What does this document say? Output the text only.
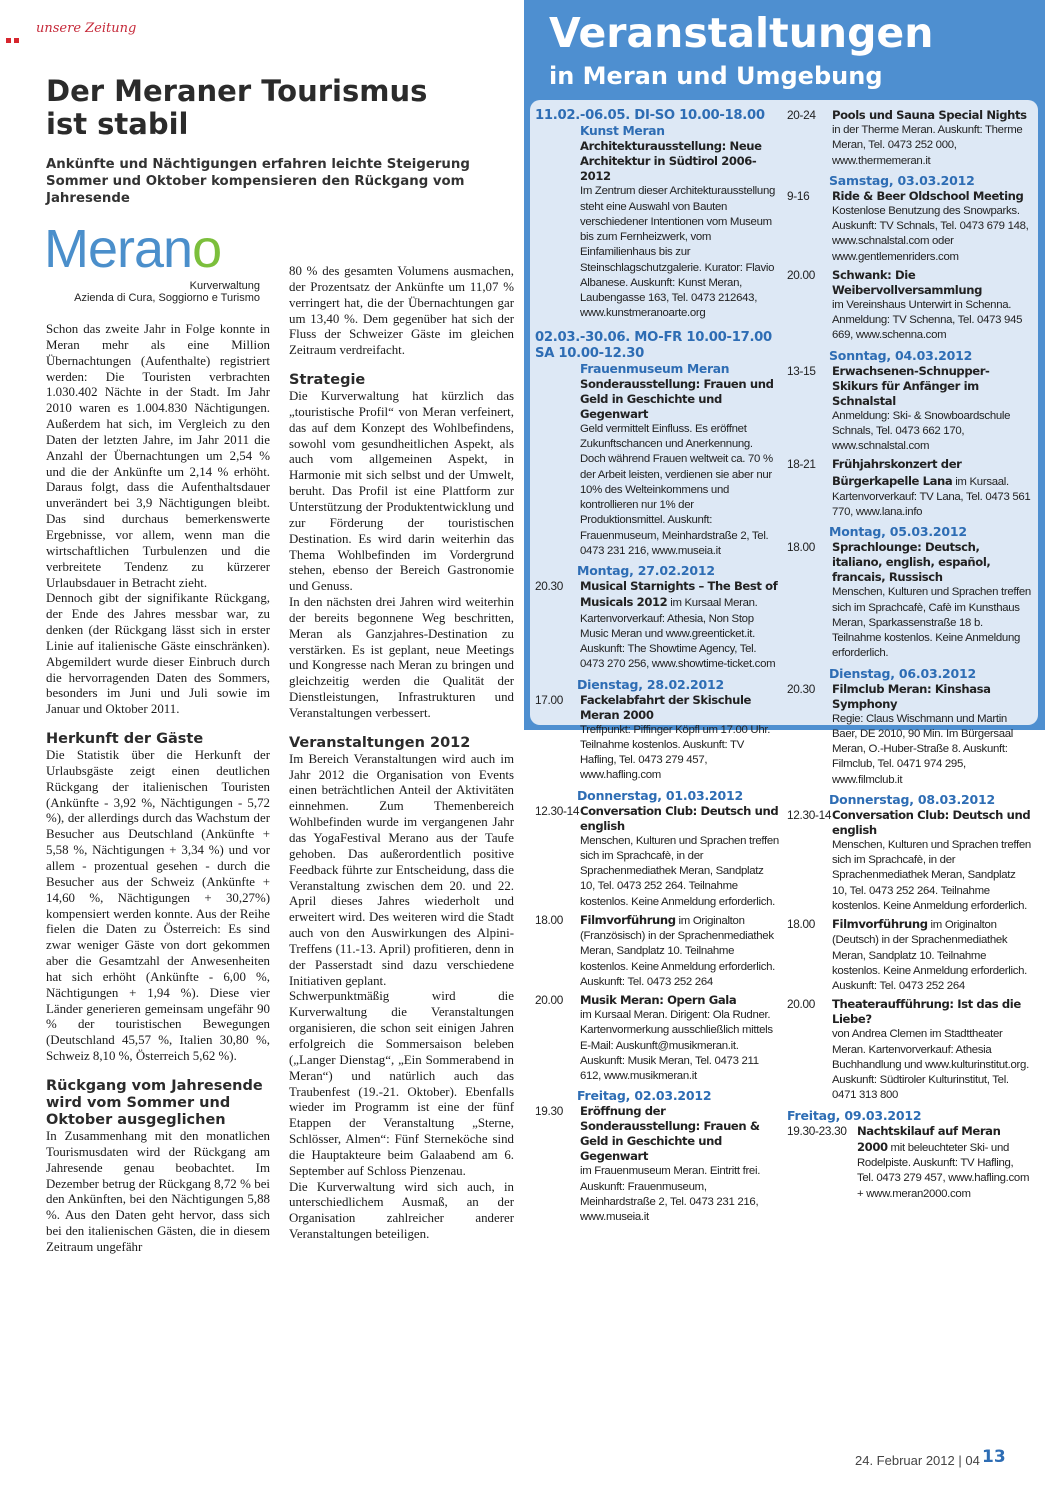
unsere Zeitung
Der Meraner Tourismus ist stabil
Ankünfte und Nächtigungen erfahren leichte Steigerung Sommer und Oktober kompensieren den Rückgang vom Jahresende
Merano
Kurverwaltung
Azienda di Cura, Soggiorno e Turismo

Schon das zweite Jahr in Folge konnte in Meran mehr als eine Million Übernachtungen (Aufenthalte) registriert werden: Die Touristen verbrachten 1.030.402 Nächte in der Stadt. Im Jahr 2010 waren es 1.004.830 Nächtigungen. Außerdem hat sich, im Vergleich zu den Daten der letzten Jahre, im Jahr 2011 die Anzahl der Übernachtungen um 2,54 % und die der Ankünfte um 2,14 % erhöht. Daraus folgt, dass die Aufenthaltsdauer unverändert bei 3,9 Nächtigungen bleibt. Das sind durchaus bemerkenswerte Ergebnisse, vor allem, wenn man die wirtschaftlichen Turbulenzen und die verbreitete Tendenz zu kürzerer Urlaubsdauer in Betracht zieht.

Dennoch gibt der signifikante Rückgang, der Ende des Jahres messbar war, zu denken (der Rückgang lässt sich in erster Linie auf italienische Gäste einschränken). Abgemildert wurde dieser Einbruch durch die hervorragenden Daten des Sommers, besonders im Juni und Juli sowie im Januar und Oktober 2011.

Herkunft der Gäste

Die Statistik über die Herkunft der Urlaubsgäste zeigt einen deutlichen Rückgang der italienischen Touristen (Ankünfte - 3,92 %, Nächtigungen - 5,72 %), der allerdings durch das Wachstum der Besucher aus Deutschland (Ankünfte + 5,58 %, Nächtigungen + 3,34 %) und vor allem - prozentual gesehen - durch die Besucher aus der Schweiz (Ankünfte + 14,60 %, Nächtigungen + 30,27%) kompensiert werden konnte. Aus der Reihe fielen die Daten zu Österreich: Es sind zwar weniger Gäste von dort gekommen aber die Gesamtzahl der Anwesenheiten hat sich erhöht (Ankünfte - 6,00 %, Nächtigungen + 1,94 %). Diese vier Länder generieren gemeinsam ungefähr 90 % der touristischen Bewegungen (Deutschland 45,57 %, Italien 30,80 %, Schweiz 8,10 %, Österreich 5,62 %).

Rückgang vom Jahresende wird vom Sommer und Oktober ausgeglichen

In Zusammenhang mit den monatlichen Tourismusdaten wird der Rückgang am Jahresende genau beobachtet. Im Dezember betrug der Rückgang 8,72 % bei den Ankünften, bei den Nächtigungen 5,88 %. Aus den Daten geht hervor, dass sich bei den italienischen Gästen, die in diesem Zeitraum ungefähr

80 % des gesamten Volumens ausmachen, der Prozentsatz der Ankünfte um 11,07 % verringert hat, die der Übernachtungen gar um 13,40 %. Dem gegenüber hat sich der Fluss der Schweizer Gäste im gleichen Zeitraum verdreifacht.

Strategie

Die Kurverwaltung hat kürzlich das „touristische Profil“ von Meran verfeinert, das auf dem Konzept des Wohlbefindens, sowohl vom gesundheitlichen Aspekt, als auch vom allgemeinen Aspekt, in Harmonie mit sich selbst und der Umwelt, beruht. Das Profil ist eine Plattform zur Unterstützung der Produktentwicklung und zur Förderung der touristischen Destination. Es wird darin weiterhin das Thema Wohlbefinden im Vordergrund stehen, ebenso der Bereich Gastronomie und Genuss.

In den nächsten drei Jahren wird weiterhin der bereits begonnene Weg beschritten, Meran als Ganzjahres-Destination zu verstärken. Es ist geplant, neue Meetings und Kongresse nach Meran zu bringen und gleichzeitig werden die Qualität der Dienstleistungen, Infrastrukturen und Veranstaltungen verbessert.

Veranstaltungen 2012

Im Bereich Veranstaltungen wird auch im Jahr 2012 die Organisation von Events einen beträchtlichen Anteil der Aktivitäten einnehmen. Zum Themenbereich Wohlbefinden wurde im vergangenen Jahr das YogaFestival Merano aus der Taufe gehoben. Das außerordentlich positive Feedback führte zur Entscheidung, dass die Veranstaltung zwischen dem 20. und 22. April dieses Jahres wiederholt und erweitert wird. Des weiteren wird die Stadt auch von den Auswirkungen des Alpini-Treffens (11.-13. April) profitieren, denn in der Passerstadt sind dazu verschiedene Initiativen geplant.

Schwerpunktmäßig wird die Kurverwaltung die Veranstaltungen organisieren, die schon seit einigen Jahren erfolgreich die Sommersaison beleben („Langer Dienstag“, „Ein Sommerabend in Meran“) und natürlich auch das Traubenfest (19.-21. Oktober). Ebenfalls wieder im Programm ist eine der fünf Etappen der Veranstaltung „Sterne, Schlösser, Almen“: Fünf Sterneköche sind die Hauptakteure beim Galaabend am 6. September auf Schloss Pienzenau.

Die Kurverwaltung wird sich auch, in unterschiedlichem Ausmaß, an der Organisation zahlreicher anderer Veranstaltungen beteiligen.

Veranstaltungen
in Meran und Umgebung
11.02.-06.05. DI-SO 10.00-18.00
Kunst Meran
Architekturausstellung: Neue Architektur in Südtirol 2006-2012
Im Zentrum dieser Architekturausstellung steht eine Auswahl von Bauten verschiedener Intentionen vom Museum bis zum Fernheizwerk, vom Einfamilienhaus bis zur Steinschlagschutzgalerie. Kurator: Flavio Albanese. Auskunft: Kunst Meran, Laubengasse 163, Tel. 0473 212643, www.kunstmeranoarte.org
02.03.-30.06. MO-FR 10.00-17.00 SA 10.00-12.30
Frauenmuseum Meran
Sonderausstellung: Frauen und Geld in Geschichte und Gegenwart
Geld vermittelt Einfluss. Es eröffnet Zukunftschancen und Anerkennung. Doch während Frauen weltweit ca. 70 % der Arbeit leisten, verdienen sie aber nur 10% des Welteinkommens und kontrollieren nur 1% der Produktionsmittel. Auskunft: Frauenmuseum, Meinhardstraße 2, Tel. 0473 231 216, www.museia.it
Montag, 27.02.2012
20.30	Musical Starnights – The Best of Musicals 2012 im Kursaal Meran. Kartenvorverkauf: Athesia, Non Stop Music Meran und www.greenticket.it. Auskunft: The Showtime Agency, Tel. 0473 270 256, www.showtime-ticket.com
Dienstag, 28.02.2012
17.00	Fackelabfahrt der Skischule Meran 2000
Treffpunkt: Piffinger Köpfl um 17.00 Uhr. Teilnahme kostenlos. Auskunft: TV Hafling, Tel. 0473 279 457, www.hafling.com
Donnerstag, 01.03.2012
12.30-14 Conversation Club: Deutsch und english
Menschen, Kulturen und Sprachen treffen sich im Sprachcafè, in der Sprachenmediathek Meran, Sandplatz 10, Tel. 0473 252 264. Teilnahme kostenlos. Keine Anmeldung erforderlich.
18.00	Filmvorführung im Originalton (Französisch) in der Sprachenmediathek Meran, Sandplatz 10. Teilnahme kostenlos. Keine Anmeldung erforderlich. Auskunft: Tel. 0473 252 264
20.00	Musik Meran: Opern Gala
im Kursaal Meran. Dirigent: Ola Rudner. Kartenvormerkung ausschließlich mittels E-Mail: Auskunft@musikmeran.it. Auskunft: Musik Meran, Tel. 0473 211 612, www.musikmeran.it
Freitag, 02.03.2012
19.30	Eröffnung der Sonderausstellung: Frauen & Geld in Geschichte und Gegenwart
im Frauenmuseum Meran. Eintritt frei. Auskunft: Frauenmuseum, Meinhardstraße 2, Tel. 0473 231 216, www.museia.it
20-24	Pools und Sauna Special Nights
in der Therme Meran. Auskunft: Therme Meran, Tel. 0473 252 000, www.thermemeran.it
Samstag, 03.03.2012
9-16	Ride & Beer Oldschool Meeting
Kostenlose Benutzung des Snowparks. Auskunft: TV Schnals, Tel. 0473 679 148, www.schnalstal.com oder www.gentlemenriders.com
20.00	Schwank: Die Weibervollversammlung
im Vereinshaus Unterwirt in Schenna. Anmeldung: TV Schenna, Tel. 0473 945 669, www.schenna.com
Sonntag, 04.03.2012
13-15	Erwachsenen-Schnupper-Skikurs für Anfänger im Schnalstal
Anmeldung: Ski- & Snowboardschule Schnals, Tel. 0473 662 170, www.schnalstal.com
18-21	Frühjahrskonzert der Bürgerkapelle Lana im Kursaal. Kartenvorverkauf: TV Lana, Tel. 0473 561 770, www.lana.info
Montag, 05.03.2012
18.00	Sprachlounge: Deutsch, italiano, english, español, francais, Russisch
Menschen, Kulturen und Sprachen treffen sich im Sprachcafè, Cafè im Kunsthaus Meran, Sparkassenstraße 18 b. Teilnahme kostenlos. Keine Anmeldung erforderlich.
Dienstag, 06.03.2012
20.30	Filmclub Meran: Kinshasa Symphony
Regie: Claus Wischmann und Martin Baer, DE 2010, 90 Min. Im Bürgersaal Meran, O.-Huber-Straße 8. Auskunft: Filmclub, Tel. 0471 974 295, www.filmclub.it
Donnerstag, 08.03.2012
12.30-14 Conversation Club: Deutsch und english
Menschen, Kulturen und Sprachen treffen sich im Sprachcafè, in der Sprachenmediathek Meran, Sandplatz 10, Tel. 0473 252 264. Teilnahme kostenlos. Keine Anmeldung erforderlich.
18.00	Filmvorführung im Originalton (Deutsch) in der Sprachenmediathek Meran, Sandplatz 10. Teilnahme kostenlos. Keine Anmeldung erforderlich. Auskunft: Tel. 0473 252 264
20.00	Theateraufführung: Ist das die Liebe?
von Andrea Clemen im Stadttheater Meran. Kartenvorverkauf: Athesia Buchhandlung und www.kulturinstitut.org. Auskunft: Südtiroler Kulturinstitut, Tel. 0471 313 800
Freitag, 09.03.2012
19.30-23.30 Nachtskilauf auf Meran 2000 mit beleuchteter Ski- und Rodelpiste. Auskunft: TV Hafling, Tel. 0473 279 457, www.hafling.com + www.meran2000.com
24. Februar 2012 | 04 13
